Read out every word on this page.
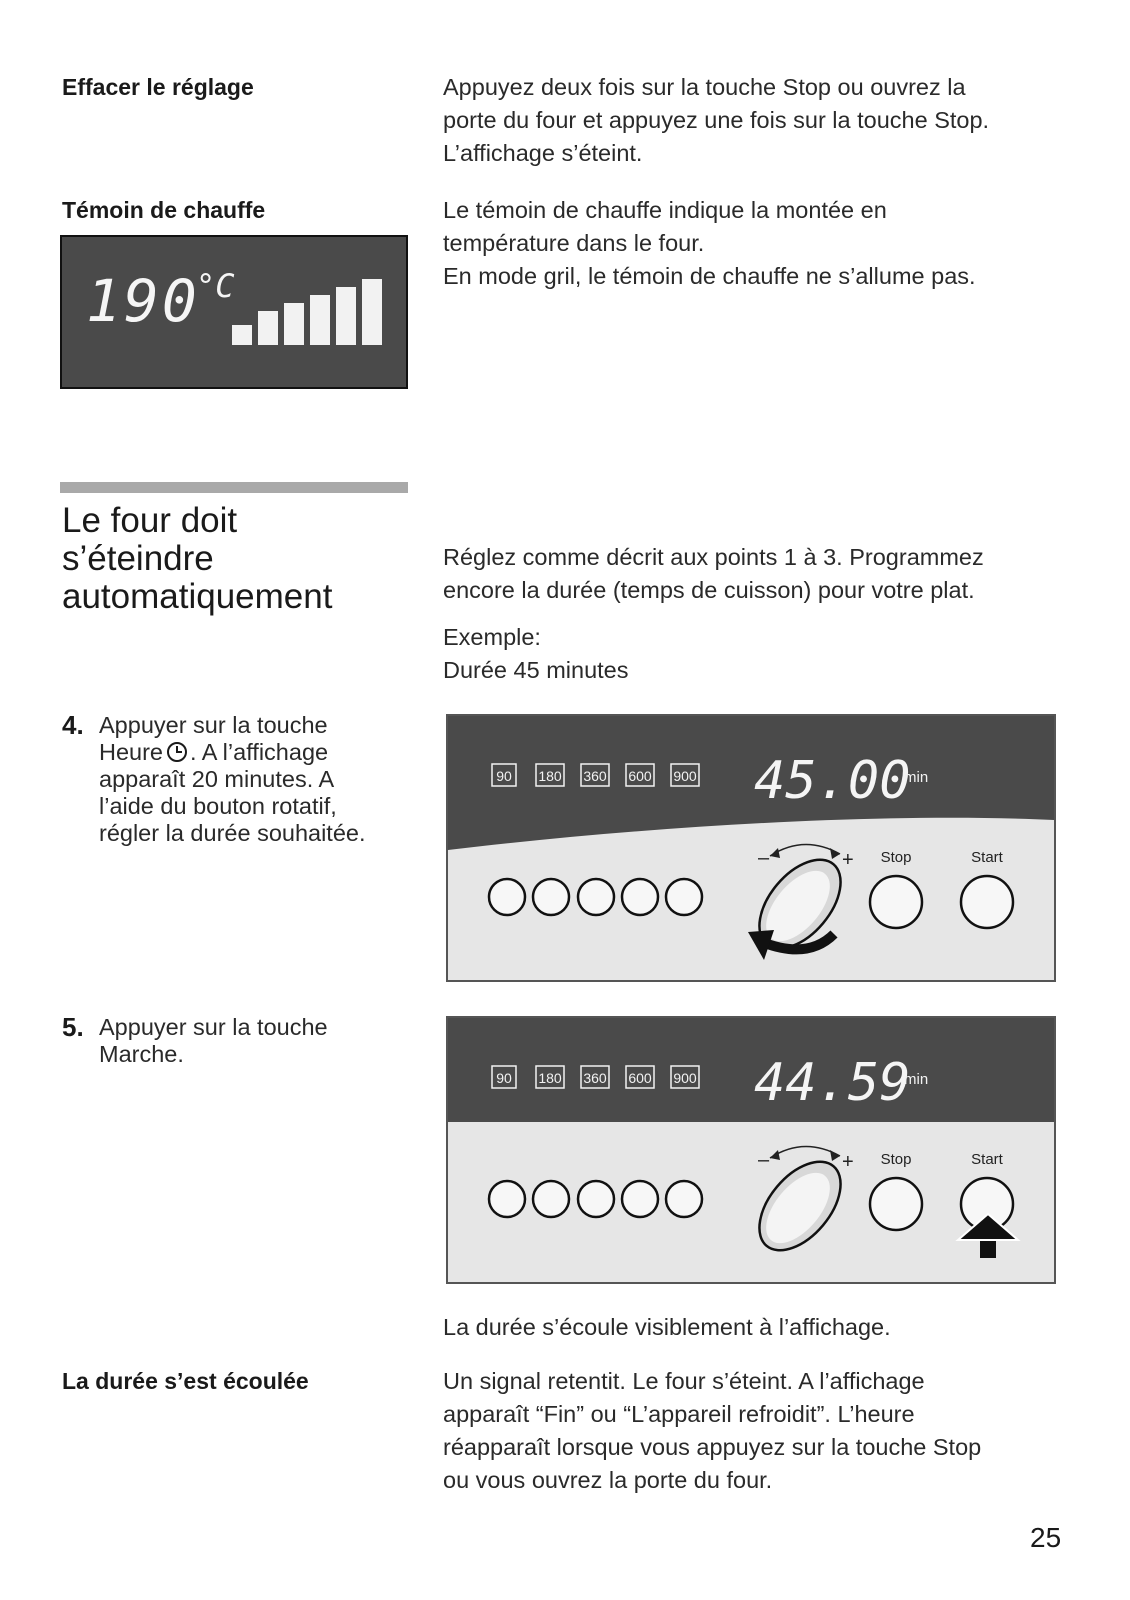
Effacer le réglage	Appuyez deux fois sur la touche Stop ou ouvrez la

porte du four et appuyez une fois sur la touche Stop.

L’affichage s’éteint.

Témoin de chauffe	Le témoin de chauffe indique la montée en

température dans le four.

En mode gril, le témoin de chauffe ne s’allume pas.

190
°C
Le four doit
s’éteindre
automatiquement

Réglez comme décrit aux points 1 à 3. Programmez

encore la durée (temps de cuisson) pour votre plat.

Exemple:

Durée 45 minutes

4. Appuyer sur la touche
Heure . A l’affichage
apparaît 20 minutes. A
l’aide du bouton rotatif,
régler la durée souhaitée.
5. Appuyer sur la touche
Marche.
90 180 360 600 900 45.00
min
–	+ Stop	Start
90 180 360 600 900 44.59
min
–	+ Stop	Start
La durée s’écoule visiblement à l’affichage.
La durée s’est écoulée	Un signal retentit. Le four s’éteint. A l’affichage

apparaît “Fin” ou “L’appareil refroidit”. L’heure

réapparaît lorsque vous appuyez sur la touche Stop

ou vous ouvrez la porte du four.

25
